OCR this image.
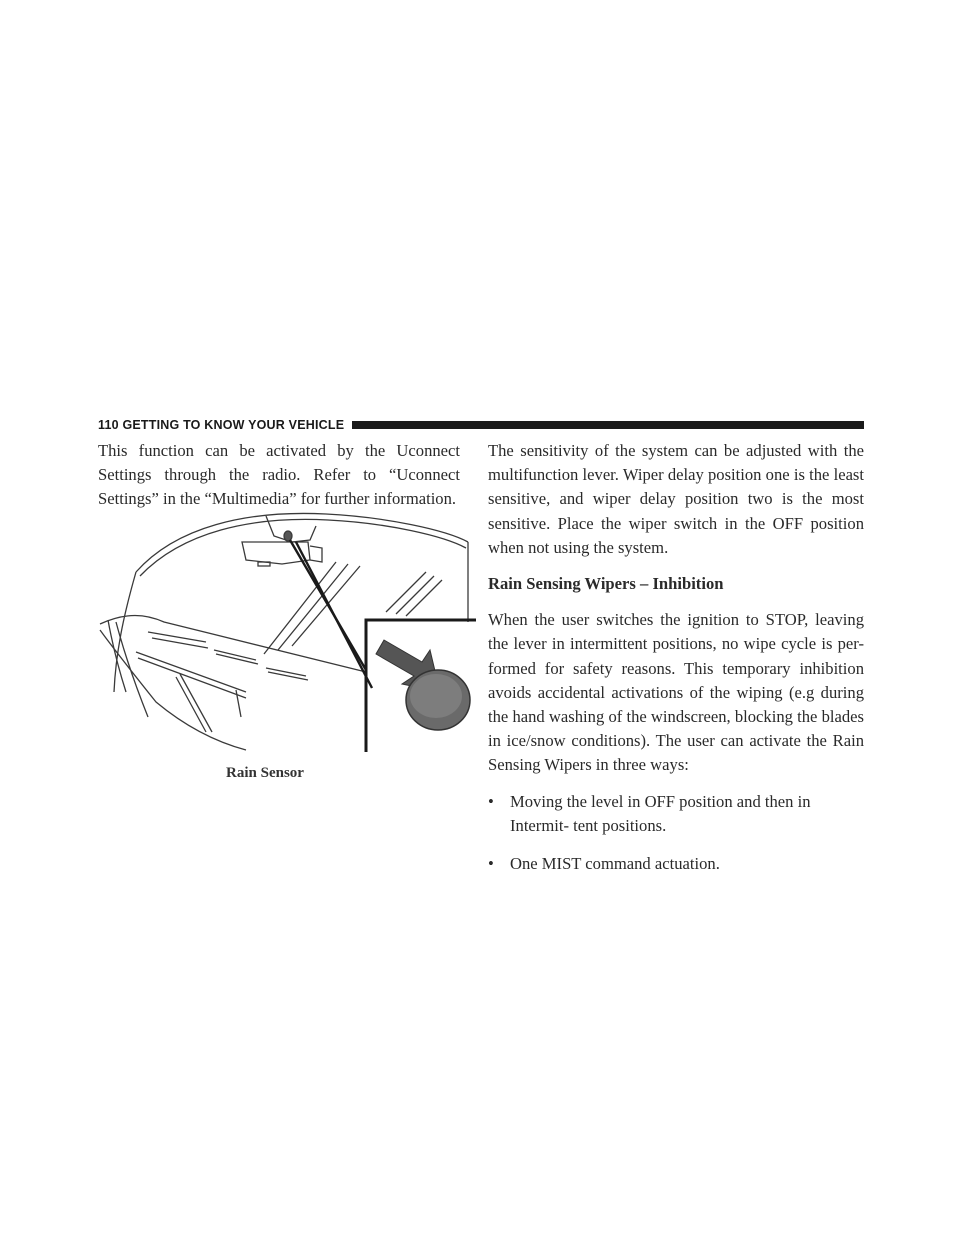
110 GETTING TO KNOW YOUR VEHICLE

This function can be activated by the Uconnect Settings through the radio. Refer to “Uconnect Settings” in the “Multimedia” for further information.

Rain Sensor

The sensitivity of the system can be adjusted with the multifunction lever. Wiper delay position one is the least sensitive, and wiper delay position two is the most sensitive. Place the wiper switch in the OFF position when not using the system.

Rain Sensing Wipers – Inhibition

When the user switches the ignition to STOP, leaving the lever in intermittent positions, no wipe cycle is per- formed for safety reasons. This temporary inhibition avoids accidental activations of the wiping (e.g during the hand washing of the windscreen, blocking the blades in ice/snow conditions). The user can activate the Rain Sensing Wipers in three ways:

• Moving the level in OFF position and then in Intermit- tent positions.
• One MIST command actuation.
